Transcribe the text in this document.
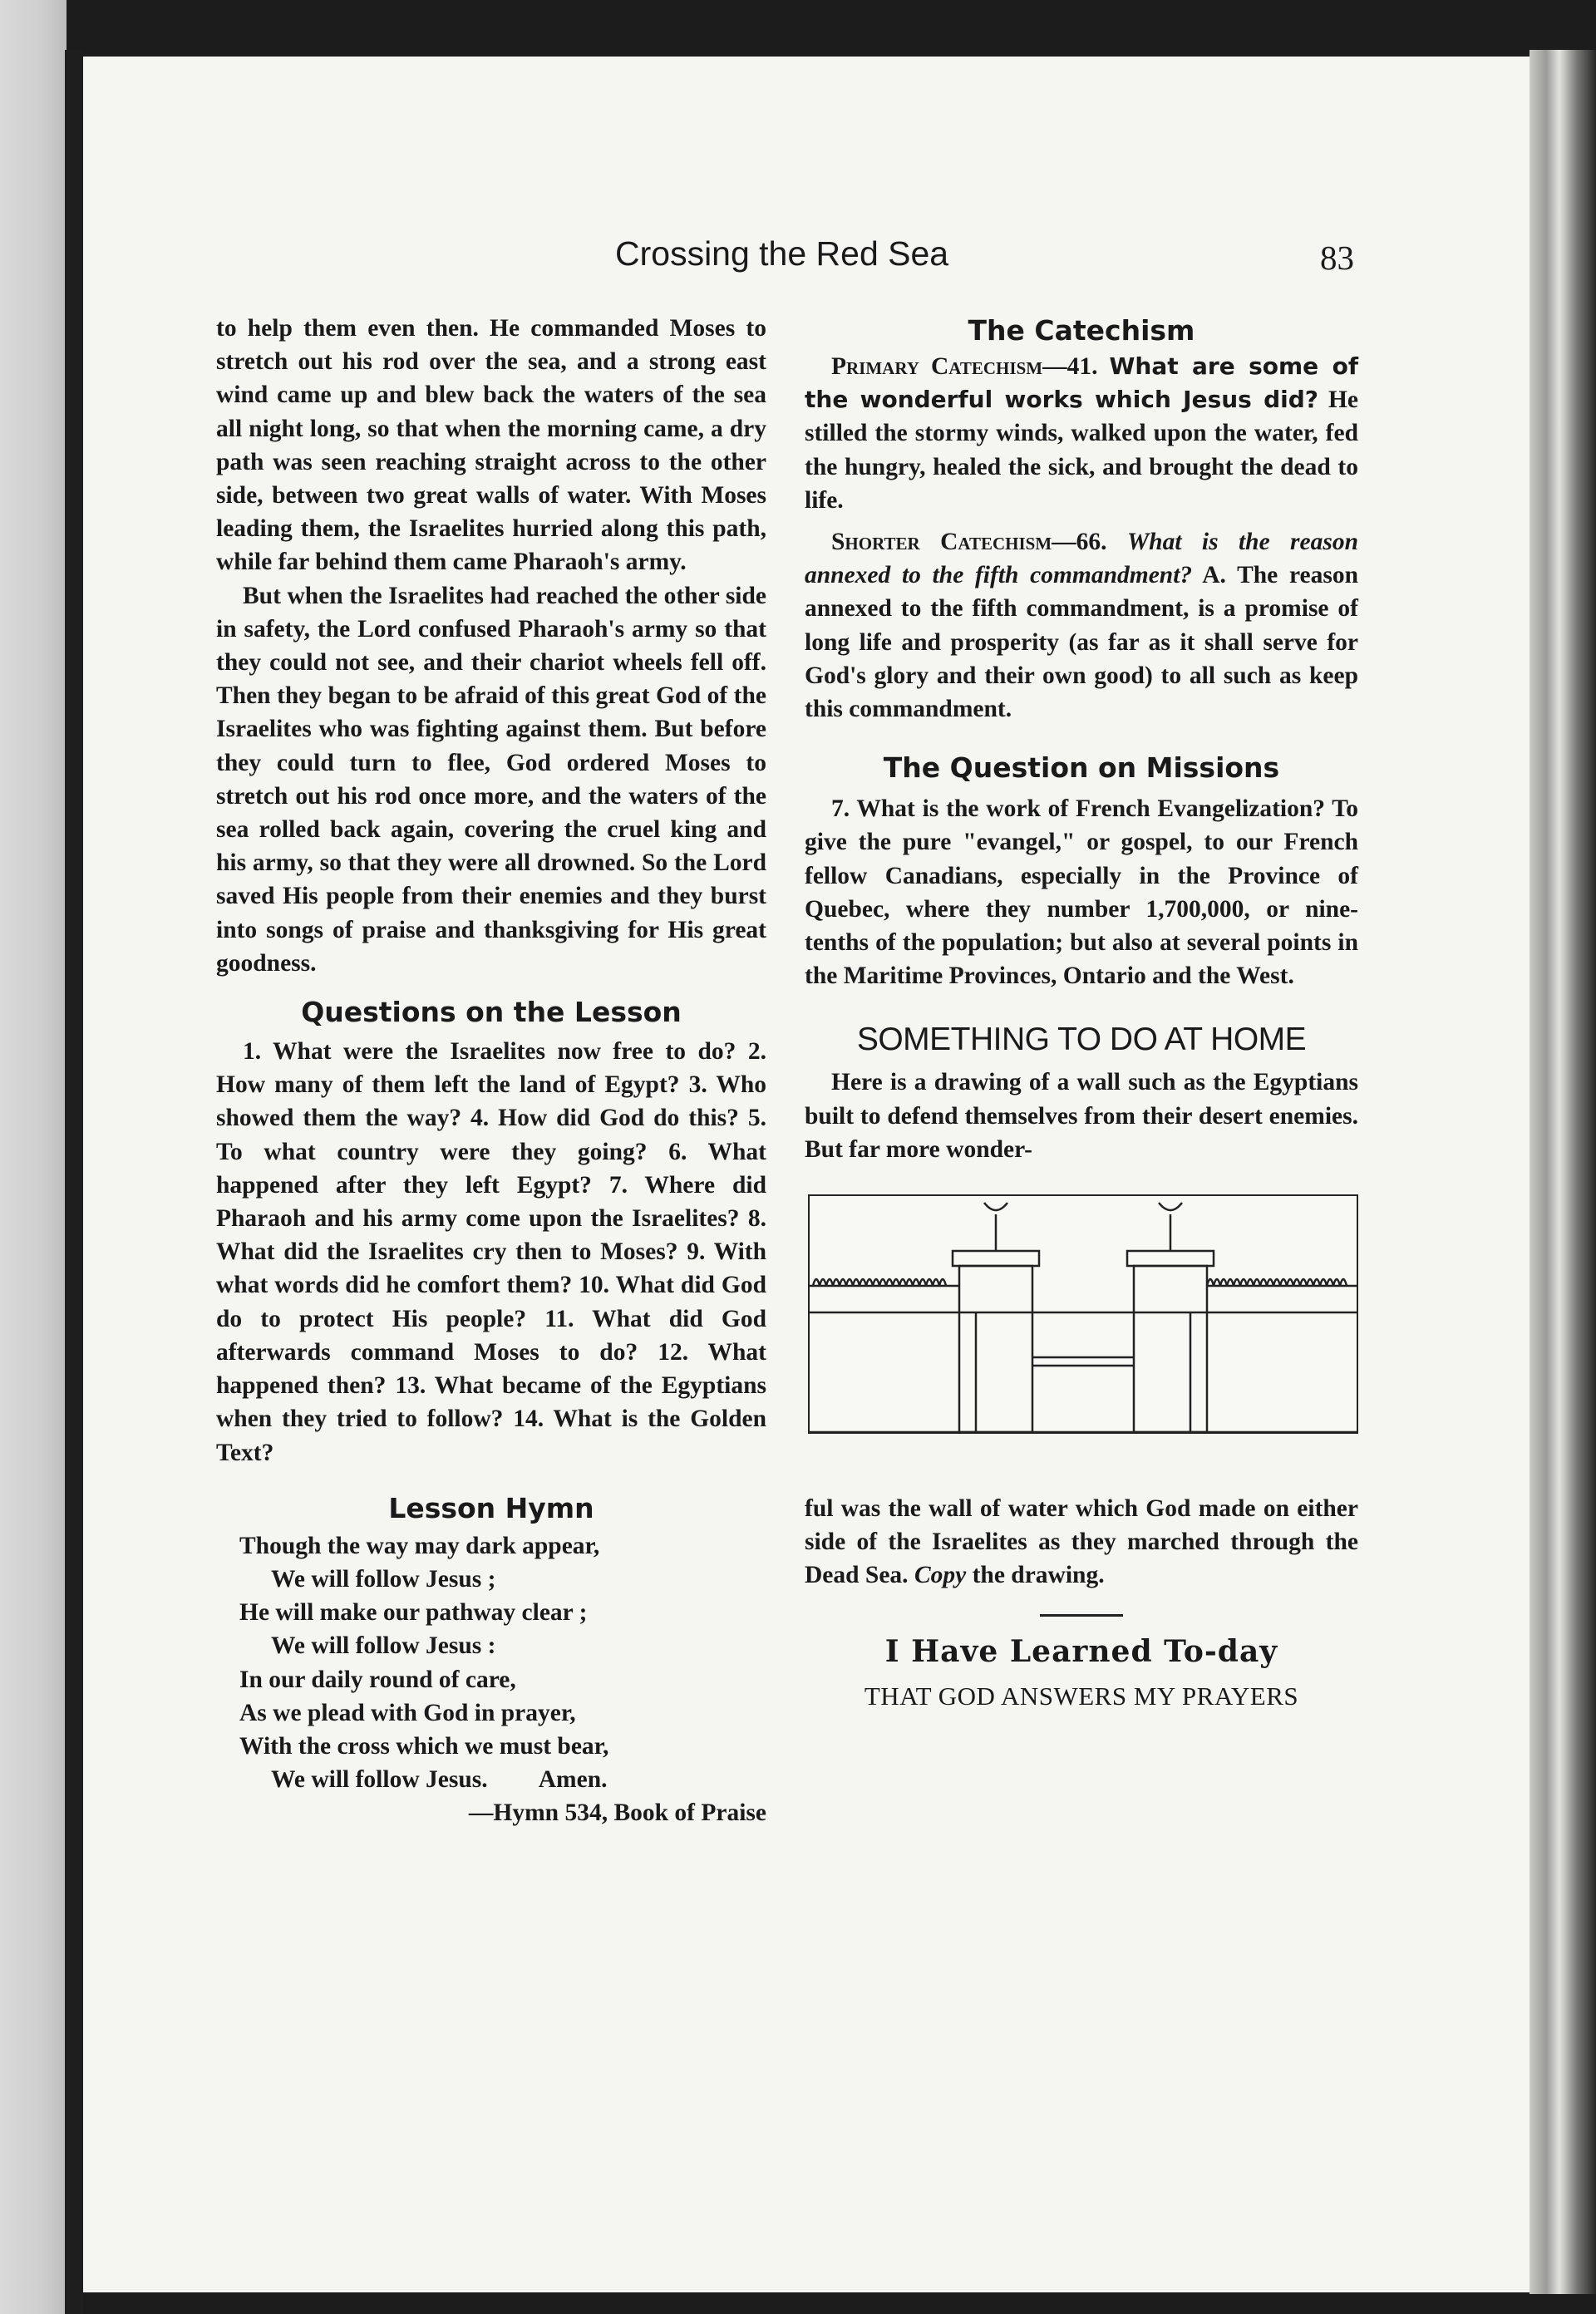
Crossing the Red Sea	83

to help them even then. He commanded Moses to stretch out his rod over the sea, and a strong east wind came up and blew back the waters of the sea all night long, so that when the morning came, a dry path was seen reaching straight across to the other side, between two great walls of water. With Moses leading them, the Israelites hurried along this path, while far behind them came Pharaoh's army.

But when the Israelites had reached the other side in safety, the Lord confused Pharaoh's army so that they could not see, and their chariot wheels fell off. Then they began to be afraid of this great God of the Israelites who was fighting against them. But before they could turn to flee, God ordered Moses to stretch out his rod once more, and the waters of the sea rolled back again, covering the cruel king and his army, so that they were all drowned. So the Lord saved His people from their enemies and they burst into songs of praise and thanksgiving for His great goodness.

Questions on the Lesson

1. What were the Israelites now free to do? 2. How many of them left the land of Egypt? 3. Who showed them the way? 4. How did God do this? 5. To what country were they going? 6. What happened after they left Egypt? 7. Where did Pharaoh and his army come upon the Israelites? 8. What did the Israelites cry then to Moses? 9. With what words did he comfort them? 10. What did God do to protect His people? 11. What did God afterwards command Moses to do? 12. What happened then? 13. What became of the Egyptians when they tried to follow? 14. What is the Golden Text?

Lesson Hymn
Though the way may dark appear,
We will follow Jesus ;
He will make our pathway clear ;
We will follow Jesus :
In our daily round of care,
As we plead with God in prayer,
With the cross which we must bear,
We will follow Jesus. Amen.
—Hymn 534, Book of Praise
The Catechism

Primary Catechism—41. What are some of the wonderful works which Jesus did? He stilled the stormy winds, walked upon the water, fed the hungry, healed the sick, and brought the dead to life.

Shorter Catechism—66. What is the reason annexed to the fifth commandment? A. The reason annexed to the fifth commandment, is a promise of long life and prosperity (as far as it shall serve for God's glory and their own good) to all such as keep this commandment.

The Question on Missions

7. What is the work of French Evangelization? To give the pure "evangel," or gospel, to our French fellow Canadians, especially in the Province of Quebec, where they number 1,700,000, or nine-tenths of the population; but also at several points in the Maritime Provinces, Ontario and the West.

SOMETHING TO DO AT HOME

Here is a drawing of a wall such as the Egyptians built to defend themselves from their desert enemies. But far more wonder-

ful was the wall of water which God made on either side of the Israelites as they marched through the Dead Sea. Copy the drawing.

I Have Learned To-day
THAT GOD ANSWERS MY PRAYERS
